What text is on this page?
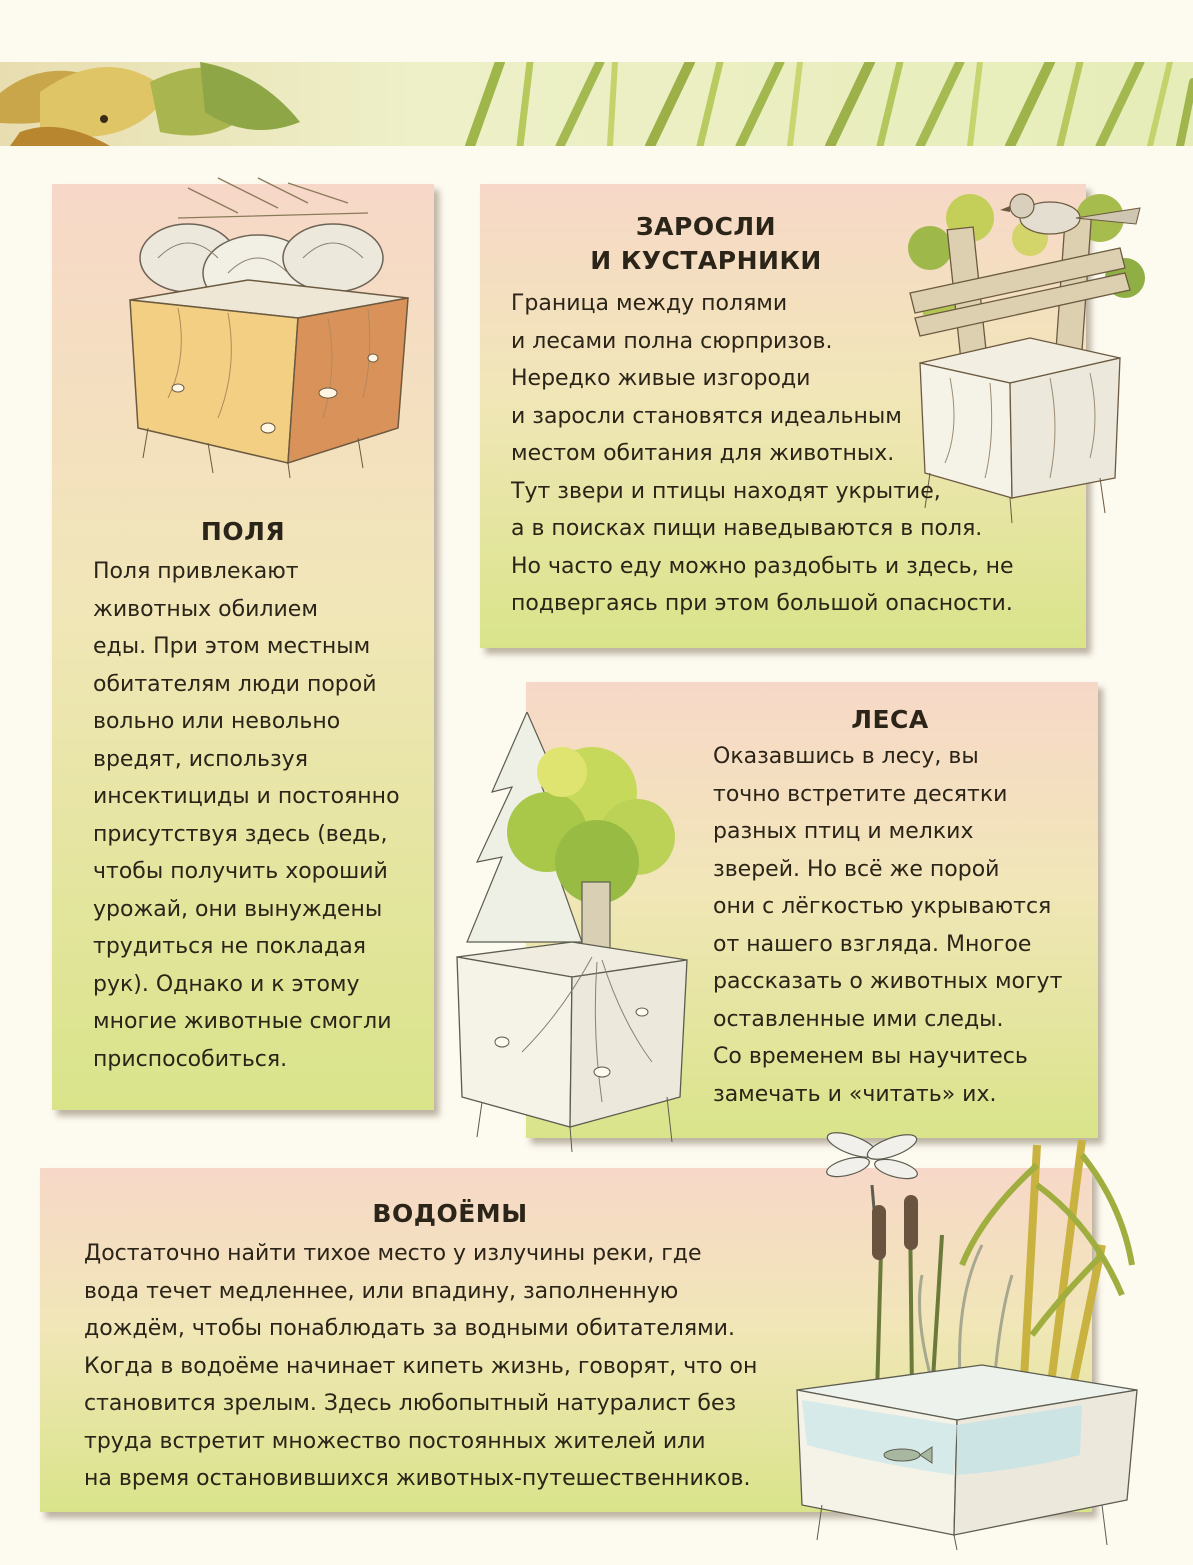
ПОЛЯ
Поля привлекают
животных обилием
еды. При этом местным
обитателям люди порой
вольно или невольно
вредят, используя
инсектициды и постоянно
присутствуя здесь (ведь,
чтобы получить хороший
урожай, они вынуждены
трудиться не покладая
рук). Однако и к этому
многие животные смогли
приспособиться.
ЗАРОСЛИ
И КУСТАРНИКИ
Граница между полями
и лесами полна сюрпризов.
Нередко живые изгороди
и заросли становятся идеальным
местом обитания для животных.
Тут звери и птицы находят укрытие,
а в поисках пищи наведываются в поля.
Но часто еду можно раздобыть и здесь, не
подвергаясь при этом большой опасности.
ЛЕСА
Оказавшись в лесу, вы
точно встретите десятки
разных птиц и мелких
зверей. Но всё же порой
они с лёгкостью укрываются
от нашего взгляда. Многое
рассказать о животных могут
оставленные ими следы.
Со временем вы научитесь
замечать и «читать» их.
ВОДОЁМЫ
Достаточно найти тихое место у излучины реки, где
вода течет медленнее, или впадину, заполненную
дождём, чтобы понаблюдать за водными обитателями.
Когда в водоёме начинает кипеть жизнь, говорят, что он
становится зрелым. Здесь любопытный натуралист без
труда встретит множество постоянных жителей или
на время остановившихся животных-путешественников.
